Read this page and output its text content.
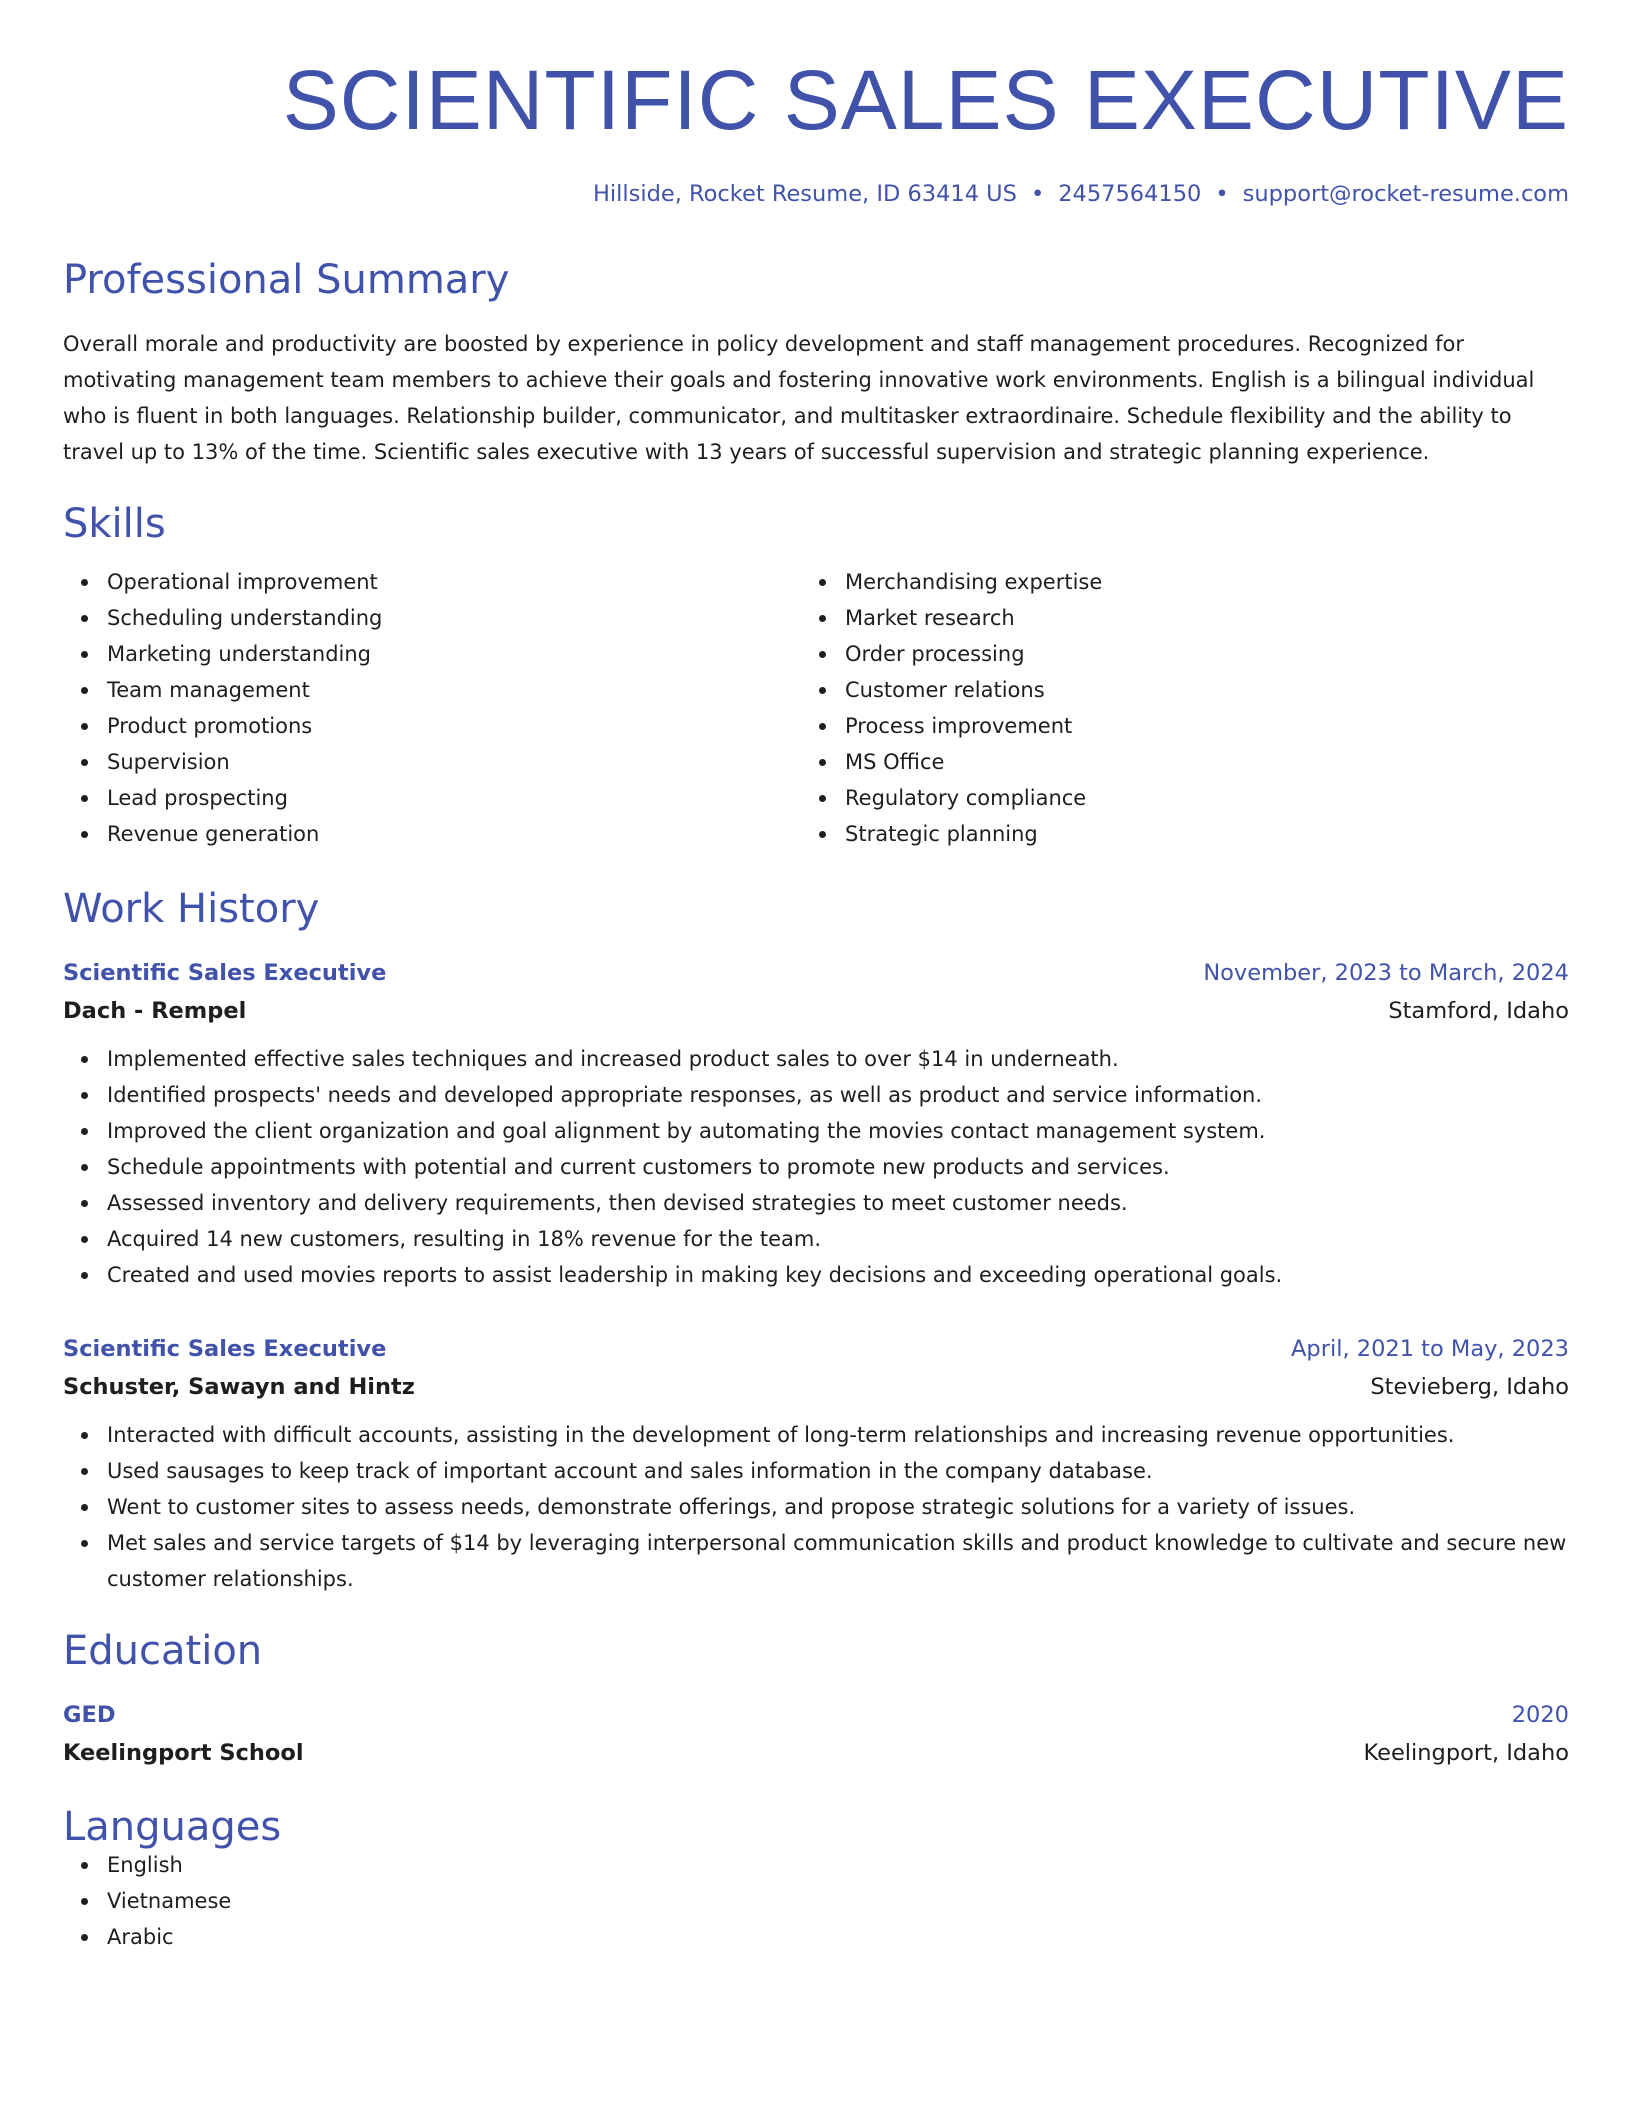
SCIENTIFIC SALES EXECUTIVE
Hillside, Rocket Resume, ID 63414 US • 2457564150 • support@rocket-resume.com
Professional Summary
Overall morale and productivity are boosted by experience in policy development and staff management procedures. Recognized for motivating management team members to achieve their goals and fostering innovative work environments. English is a bilingual individual who is fluent in both languages. Relationship builder, communicator, and multitasker extraordinaire. Schedule flexibility and the ability to travel up to 13% of the time. Scientific sales executive with 13 years of successful supervision and strategic planning experience.
Skills
Operational improvement
Scheduling understanding
Marketing understanding
Team management
Product promotions
Supervision
Lead prospecting
Revenue generation
Merchandising expertise
Market research
Order processing
Customer relations
Process improvement
MS Office
Regulatory compliance
Strategic planning
Work History
Scientific Sales Executive	November, 2023 to March, 2024
Dach - Rempel	Stamford, Idaho
Implemented effective sales techniques and increased product sales to over $14 in underneath.
Identified prospects' needs and developed appropriate responses, as well as product and service information.
Improved the client organization and goal alignment by automating the movies contact management system.
Schedule appointments with potential and current customers to promote new products and services.
Assessed inventory and delivery requirements, then devised strategies to meet customer needs.
Acquired 14 new customers, resulting in 18% revenue for the team.
Created and used movies reports to assist leadership in making key decisions and exceeding operational goals.
Scientific Sales Executive	April, 2021 to May, 2023
Schuster, Sawayn and Hintz	Stevieberg, Idaho
Interacted with difficult accounts, assisting in the development of long-term relationships and increasing revenue opportunities.
Used sausages to keep track of important account and sales information in the company database.
Went to customer sites to assess needs, demonstrate offerings, and propose strategic solutions for a variety of issues.
Met sales and service targets of $14 by leveraging interpersonal communication skills and product knowledge to cultivate and secure new customer relationships.
Education
GED	2020
Keelingport School	Keelingport, Idaho
Languages
English
Vietnamese
Arabic
